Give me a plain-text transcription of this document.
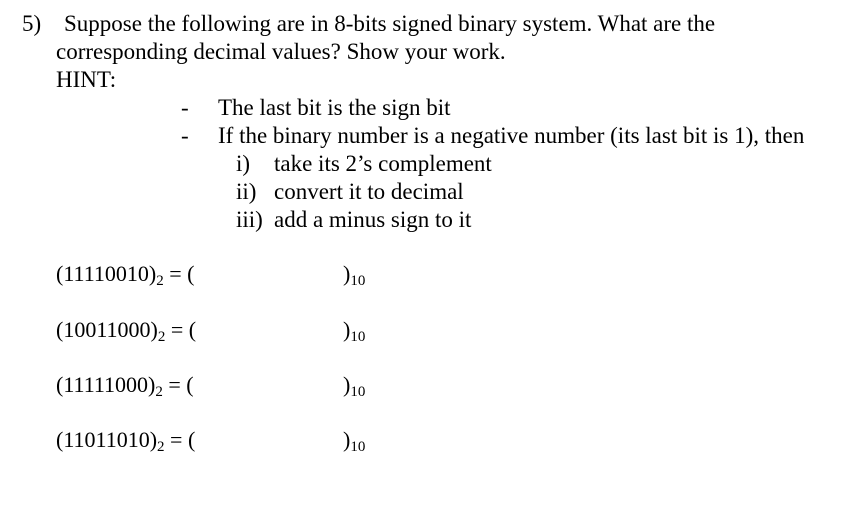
5) Suppose the following are in 8-bits signed binary system. What are the
corresponding decimal values? Show your work.
HINT:
- The last bit is the sign bit
- If the binary number is a negative number (its last bit is 1), then
i) take its 2’s complement
ii) convert it to decimal
iii) add a minus sign to it
$(11110010)_2$ = (	)$_{10}$
$(10011000)_2$ = (	)$_{10}$
$(11111000)_2$ = (	)$_{10}$
$(11011010)_2$ = (	)$_{10}$
